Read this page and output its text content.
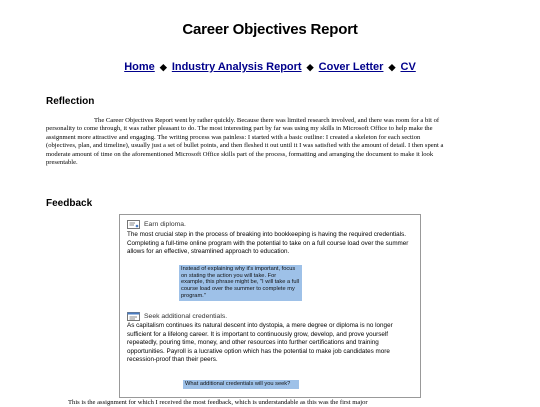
Career Objectives Report
Home ◆ Industry Analysis Report ◆ Cover Letter ◆ CV
Reflection

The Career Objectives Report went by rather quickly. Because there was limited research involved, and there was room for a bit of personality to come through, it was rather pleasant to do. The most interesting part by far was using my skills in Microsoft Office to help make the assignment more attractive and engaging. The writing process was painless: I started with a basic outline: I created a skeleton for each section (objectives, plan, and timeline), usually just a set of bullet points, and then fleshed it out until it I was satisfied with the amount of detail. I then spent a moderate amount of time on the aforementioned Microsoft Office skills part of the process, formatting and arranging the document to make it look presentable.

Feedback
Earn diploma.

The most crucial step in the process of breaking into bookkeeping is having the required credentials. Completing a full-time online program with the potential to take on a full course load over the summer allows for an effective, streamlined approach to education.

Instead of explaining why it's important, focus on stating the action you will take. For example, this phrase might be, "I will take a full course load over the summer to complete my program."

Seek additional credentials.

As capitalism continues its natural descent into dystopia, a mere degree or diploma is no longer sufficient for a lifelong career. It is important to continuously grow, develop, and prove yourself repeatedly, pouring time, money, and other resources into further certifications and training opportunities. Payroll is a lucrative option which has the potential to make job candidates more recession-proof than their peers.

What additional credentials will you seek?

This is the assignment for which I received the most feedback, which is understandable as this was the first major
